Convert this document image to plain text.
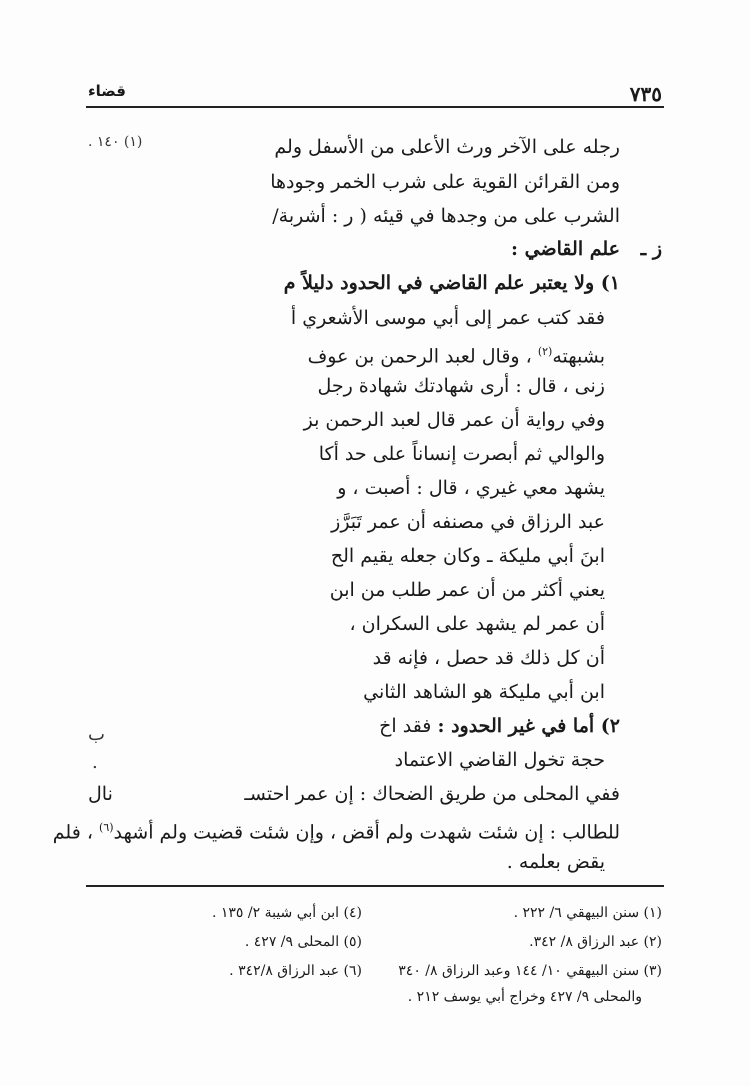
قضاء	٧٣٥
(١) ١٤٠ .	رجله على الآخر ورث الأعلى من الأسفل ولم
ومن القرائن القوية على شرب الخمر وجودها
الشرب على من وجدها في قيئه ( ر : أشربة/
ز ـ
علم القاضي :
١) ولا يعتبر علم القاضي في الحدود دليلاً م
فقد كتب عمر إلى أبي موسى الأشعري أ
بشبهته$^{(٢)}$ ، وقال لعبد الرحمن بن عوف
زنى ، قال : أرى شهادتك شهادة رجل
وفي رواية أن عمر قال لعبد الرحمن بز
والوالي ثم أبصرت إنساناً على حد أكا
يشهد معي غيري ، قال : أصبت ، و
عبد الرزاق في مصنفه أن عمر تَبَرَّز
ابنَ أبي مليكة ـ وكان جعله يقيم الح
يعني أكثر من أن عمر طلب من ابن
أن عمر لم يشهد على السكران ،
أن كل ذلك قد حصل ، فإنه قد
ابن أبي مليكة هو الشاهد الثاني
٢) أما في غير الحدود : فقد اخ
ب
حجة تخول القاضي الاعتماد
.
ففي المحلى من طريق الضحاك : إن عمر احتسـ
نال
للطالب : إن شئت شهدت ولم أقض ، وإن شئت قضيت ولم أشهد$^{(٦)}$ ، فلم
يقض بعلمه .
(١) سنن البيهقي ٦/ ٢٢٢ .
(٢) عبد الرزاق ٨/ ٣٤٢.
(٣) سنن البيهقي ١٠/ ١٤٤ وعبد الرزاق ٨/ ٣٤٠
والمحلى ٩/ ٤٢٧ وخراج أبي يوسف ٢١٢ .
(٤) ابن أبي شيبة ٢/ ١٣٥ .
(٥) المحلى ٩/ ٤٢٧ .
(٦) عبد الرزاق ٣٤٢/٨ .
